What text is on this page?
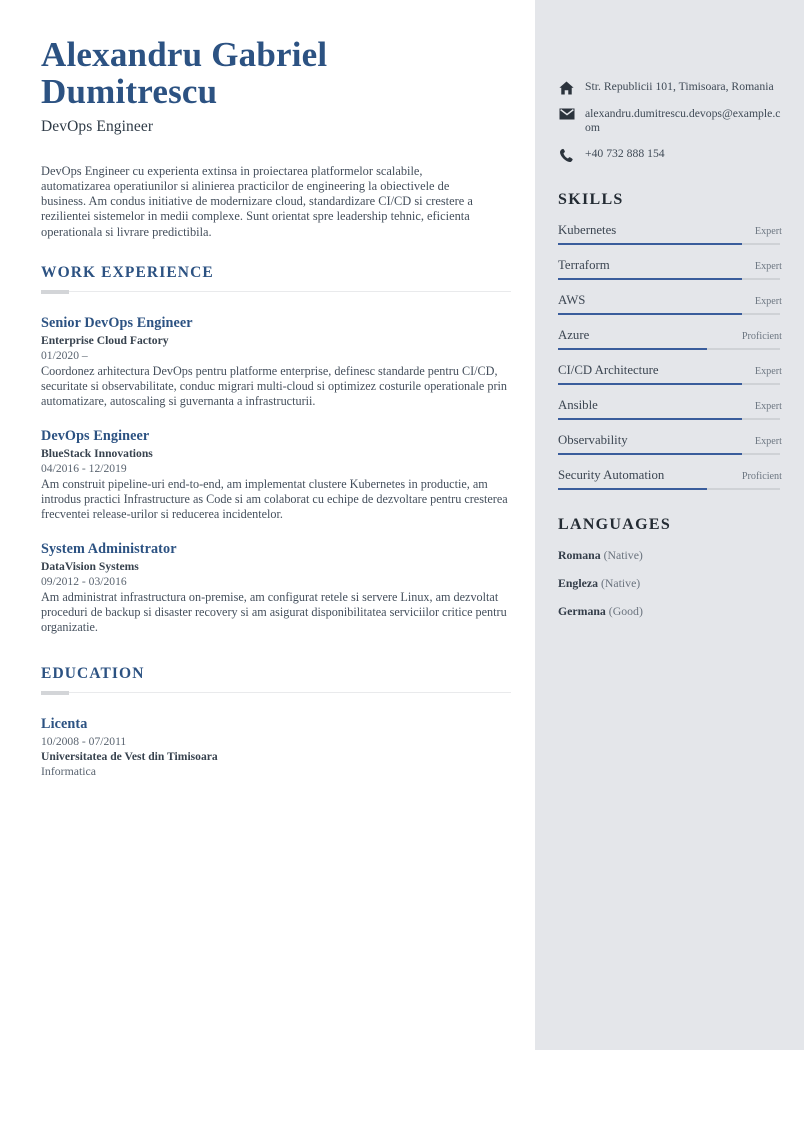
Alexandru Gabriel
Dumitrescu
DevOps Engineer
DevOps Engineer cu experienta extinsa in proiectarea platformelor scalabile, automatizarea operatiunilor si alinierea practicilor de engineering la obiectivele de business. Am condus initiative de modernizare cloud, standardizare CI/CD si crestere a rezilientei sistemelor in medii complexe. Sunt orientat spre leadership tehnic, eficienta operationala si livrare predictibila.
WORK EXPERIENCE
Senior DevOps Engineer
Enterprise Cloud Factory
01/2020 –
Coordonez arhitectura DevOps pentru platforme enterprise, definesc standarde pentru CI/CD, securitate si observabilitate, conduc migrari multi-cloud si optimizez costurile operationale prin automatizare, autoscaling si guvernanta a infrastructurii.
DevOps Engineer
BlueStack Innovations
04/2016 - 12/2019
Am construit pipeline-uri end-to-end, am implementat clustere Kubernetes in productie, am introdus practici Infrastructure as Code si am colaborat cu echipe de dezvoltare pentru cresterea frecventei release-urilor si reducerea incidentelor.
System Administrator
DataVision Systems
09/2012 - 03/2016
Am administrat infrastructura on-premise, am configurat retele si servere Linux, am dezvoltat proceduri de backup si disaster recovery si am asigurat disponibilitatea serviciilor critice pentru organizatie.
EDUCATION
Licenta
10/2008 - 07/2011
Universitatea de Vest din Timisoara
Informatica
Str. Republicii 101, Timisoara, Romania
alexandru.dumitrescu.devops@example.com
+40 732 888 154
SKILLS
Kubernetes	Expert
Terraform	Expert
AWS	Expert
Azure	Proficient
CI/CD Architecture	Expert
Ansible	Expert
Observability	Expert
Security Automation	Proficient
LANGUAGES
Romana (Native)
Engleza (Native)
Germana (Good)
